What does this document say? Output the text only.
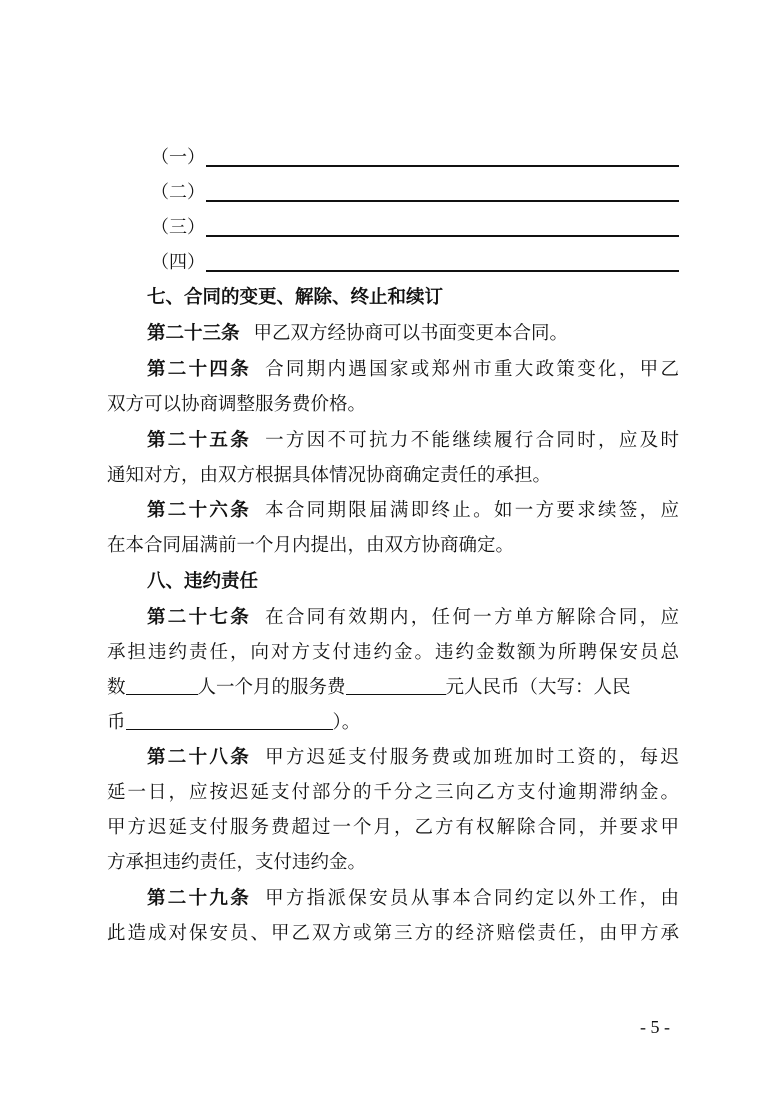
（一）
（二）
（三）
（四）
七、合同的变更、解除、终止和续订
第二十三条 甲乙双方经协商可以书面变更本合同。
第二十四条 合同期内遇国家或郑州市重大政策变化，甲乙
双方可以协商调整服务费价格。
第二十五条 一方因不可抗力不能继续履行合同时，应及时
通知对方，由双方根据具体情况协商确定责任的承担。
第二十六条 本合同期限届满即终止。如一方要求续签，应
在本合同届满前一个月内提出，由双方协商确定。
八、违约责任
第二十七条 在合同有效期内，任何一方单方解除合同，应
承担违约责任，向对方支付违约金。违约金数额为所聘保安员总
数	人一个月的服务费	元人民币（大写：人民
币	）。
第二十八条 甲方迟延支付服务费或加班加时工资的，每迟
延一日，应按迟延支付部分的千分之三向乙方支付逾期滞纳金。
甲方迟延支付服务费超过一个月，乙方有权解除合同，并要求甲
方承担违约责任，支付违约金。
第二十九条 甲方指派保安员从事本合同约定以外工作，由
此造成对保安员、甲乙双方或第三方的经济赔偿责任，由甲方承
- 5 -
